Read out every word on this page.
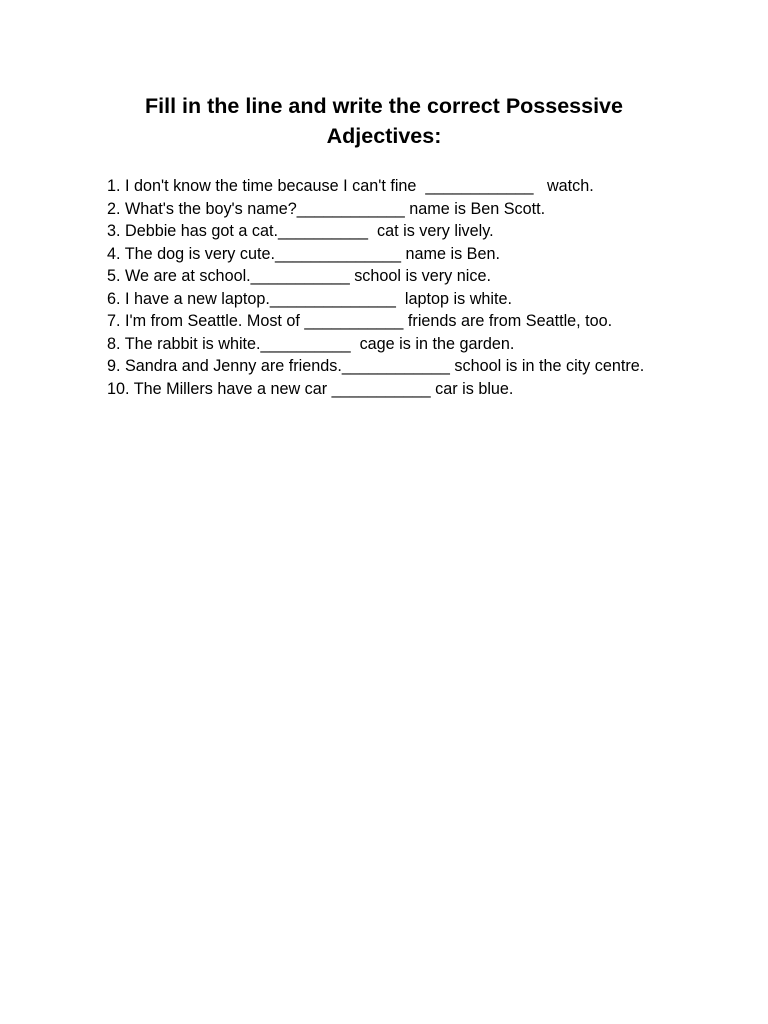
Fill in the line and write the correct Possessive Adjectives:
1. I don't know the time because I can't fine  ____________   watch.
2. What's the boy's name?____________ name is Ben Scott.
3. Debbie has got a cat.__________  cat is very lively.
4. The dog is very cute.______________ name is Ben.
5. We are at school.___________ school is very nice.
6. I have a new laptop.______________  laptop is white.
7. I'm from Seattle. Most of ___________ friends are from Seattle, too.
8. The rabbit is white.__________  cage is in the garden.
9. Sandra and Jenny are friends.____________ school is in the city centre.
10. The Millers have a new car ___________ car is blue.
